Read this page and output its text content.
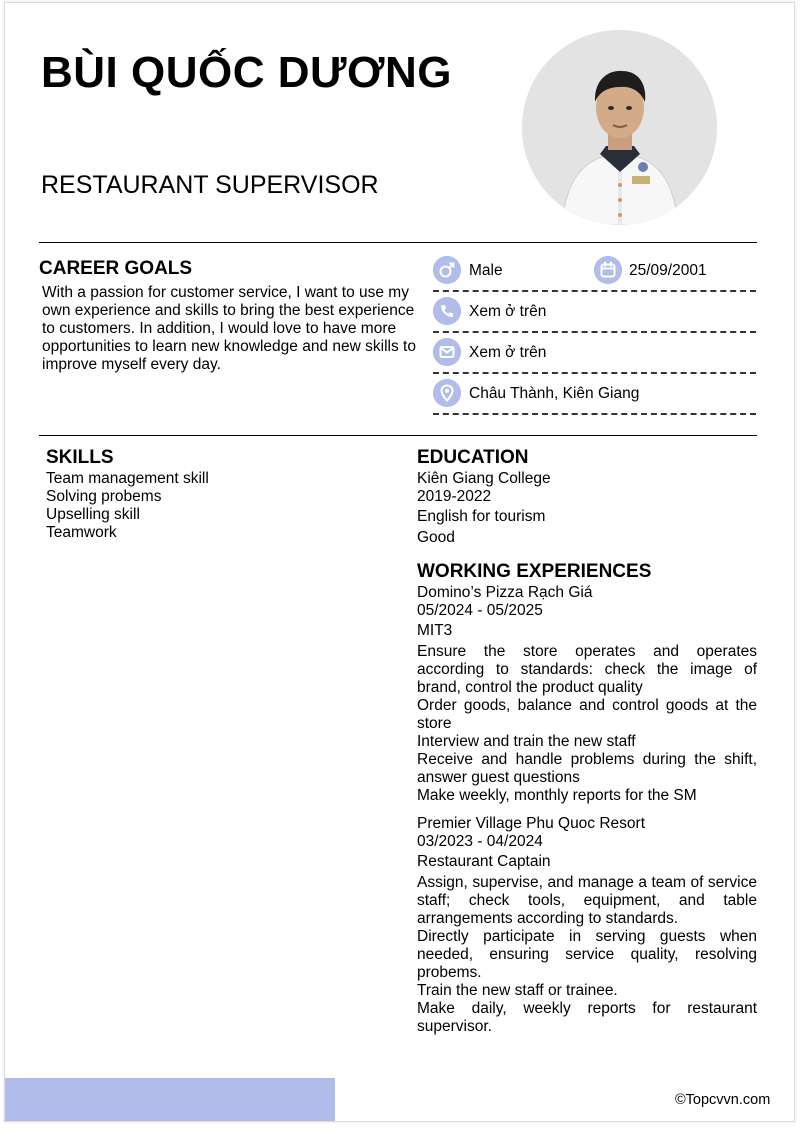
BÙI QUỐC DƯƠNG
RESTAURANT SUPERVISOR
CAREER GOALS
With a passion for customer service, I want to use my own experience and skills to bring the best experience to customers. In addition, I would love to have more opportunities to learn new knowledge and new skills to improve myself every day.
Male	25/09/2001
Xem ở trên
Xem ở trên
Châu Thành, Kiên Giang
SKILLS
Team management skill
Solving probems
Upselling skill
Teamwork
EDUCATION
Kiên Giang College
2019-2022
English for tourism
Good
WORKING EXPERIENCES
Domino’s Pizza Rạch Giá
05/2024 - 05/2025
MIT3
Ensure the store operates and operates according to standards: check the image of brand, control the product quality
Order goods, balance and control goods at the store
Interview and train the new staff
Receive and handle problems during the shift, answer guest questions
Make weekly, monthly reports for the SM
Premier Village Phu Quoc Resort
03/2023 - 04/2024
Restaurant Captain
Assign, supervise, and manage a team of service staff; check tools, equipment, and table arrangements according to standards.
Directly participate in serving guests when needed, ensuring service quality, resolving probems.
Train the new staff or trainee.
Make daily, weekly reports for restaurant supervisor.
©Topcvvn.com
